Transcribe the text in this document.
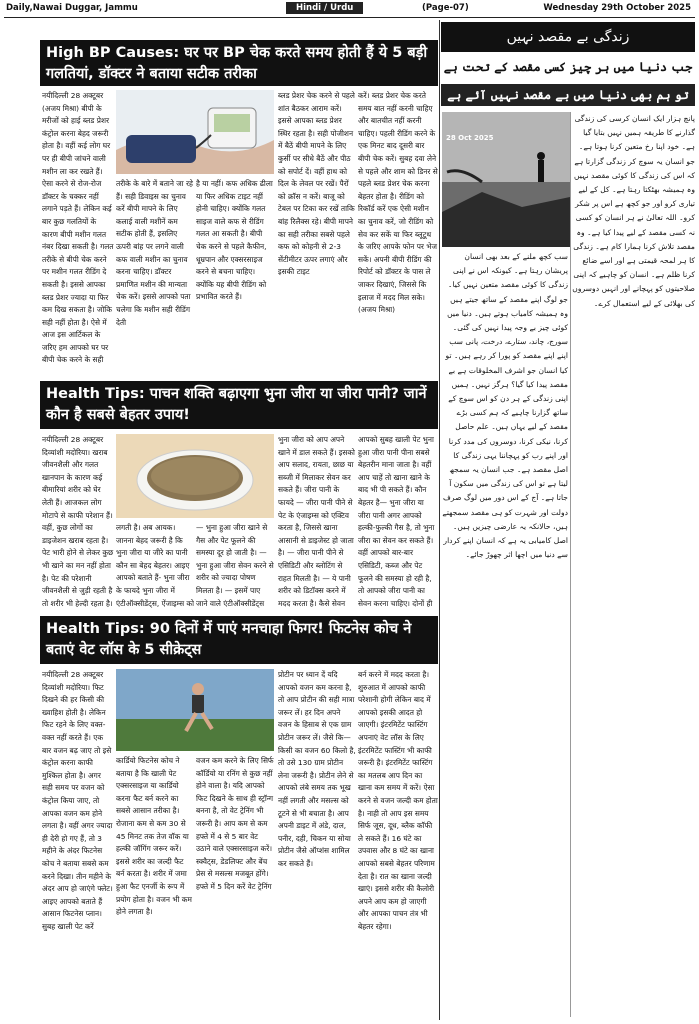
Daily,Nawai Duggar, Jammu	Hindi / Urdu	(Page-07)	Wednesday 29th October 2025
High BP Causes: घर पर BP चेक करते समय होती हैं ये 5 बड़ी गलतियां, डॉक्टर ने बताया सटीक तरीका

नयीदिल्ली 28 अक्टूबर (अजय मिश्रा) बीपी के मरीजों को हाई ब्लड प्रेशर कंट्रोल करना बेहद जरूरी होता है। वहीं कई लोग घर पर ही बीपी जांचने वाली मशीन ला कर रखते हैं। ऐसा करने से रोज-रोज डॉक्टर के चक्कर नहीं लगाने पड़ते हैं। लेकिन कई बार कुछ गलतियों के कारण बीपी मशीन गलत नंबर दिखा सकती है। गलत तरीके से बीपी चेक करने पर मशीन गलत रीडिंग दे सकती है। इससे आपका ब्लड प्रेशर ज्यादा या फिर कम दिख सकता है। जोकि सही नहीं होता है। ऐसे में आज इस आर्टिकल के जरिए हम आपको घर पर बीपी चेक करने के सही

तरीके के बारे में बताने जा रहे हैं। सही डिवाइस का चुनाव करें बीपी मापने के लिए कलाई वाली मशीनें कम सटीक होती हैं, इसलिए ऊपरी बांह पर लगने वाली कफ वाली मशीन का चुनाव करना चाहिए। डॉक्टर प्रमाणित मशीन की मान्यता चेक करें। इससे आपको पता चलेगा कि मशीन सही रीडिंग देती

है या नहीं। कफ अधिक ढीला या फिर अधिक टाइट नहीं होनी चाहिए। क्योंकि गलत साइज वाले कफ से रीडिंग गलत आ सकती है। बीपी चेक करने से पहले कैफीन, धूम्रपान और एक्सरसाइज करने से बचना चाहिए। क्योंकि यह बीपी रीडिंग को प्रभावित करते हैं।

ब्लड प्रेशर चेक करने से पहले शांत बैठकर आराम करें। इससे आपका ब्लड प्रेशर स्थिर रहता है। सही पोजीशन में बैठें बीपी मापने के लिए कुर्सी पर सीधे बैठें और पीठ को सपोर्ट दें। वहीं हाथ को दिल के लेवल पर रखें। पैरों को क्रॉस न करें। बाजू को टेबल पर टिका कर रखें ताकि बांह रिलैक्स रहे। बीपी मापने का सही तरीका सबसे पहले कफ को कोहनी से 2-3 सेंटीमीटर ऊपर लगाएं और इसकी टाइट

करें। ब्लड प्रेशर चेक करते समय बात नहीं करनी चाहिए और बातचीत नहीं करनी चाहिए। पहली रीडिंग करने के एक मिनट बाद दूसरी बार बीपी चेक करें। सुबह दवा लेने से पहले और शाम को डिनर से पहले ब्लड प्रेशर चेक करना बेहतर होता है। रीडिंग को रिकॉर्ड करें एक ऐसी मशीन का चुनाव करें, जो रीडिंग को सेव कर सकें या फिर ब्लूटूथ के जरिए आपके फोन पर भेज सकें। अपनी बीपी रीडिंग की रिपोर्ट को डॉक्टर के पास ले जाकर दिखाएं, जिससे कि इलाज में मदद मिल सके। (अजय मिश्रा)

Health Tips: पाचन शक्ति बढ़ाएगा भुना जीरा या जीरा पानी? जानें कौन है सबसे बेहतर उपाय!

नयीदिल्ली 28 अक्टूबर दिव्यांशी मदोरिया। खराब जीवनशैली और गलत खानपान के कारण कई बीमारियां शरीर को घेर लेती हैं। आजकल लोग मोटापे से काफी परेशान हैं। वहीं, कुछ लोगों का डाइजेशन खराब रहता है। पेट भारी होने से लेकर कुछ भी खाने का मन नहीं होता है। पेट की परेशानी जीवनशैली से जुड़ी रहती है तो शरीर भी हेल्दी रहता है।

लगती है। अब आयक। जानना बेहद जरूरी है कि भुना जीरा या जीरे का पानी कौन सा बेहद बेहतर। आइए आपको बताते हैं- भुना जीरा के फायदे भुना जीरा में एंटीऑक्सीडेंट्स, ऐंजाइम्स को

— भुना हुआ जीरा खाने से गैस और पेट फूलने की समस्या दूर हो जाती है। — भुना हुआ जीरा सेवन करने से शरीर को ज्यादा पोषण मिलता है। — इसमें पाए जाने वाले एंटीऑक्सीडेंट्स

भुना जीरा को आप अपने खाने में डाल सकते हैं। इसको आप सलाद, रायता, छाछ या सब्जी में मिलाकर सेवन कर सकते हैं। जीरा पानी के फायदे — जीरा पानी पीने से पेट के एंजाइम्स को एक्टिव करता है, जिससे खाना आसानी से डाइजेस्ट हो जाता है। — जीरा पानी पीने से एसिडिटी और ब्लोटिंग से राहत मिलती है। — ये पानी शरीर को डिटॉक्स करने में मदद करता है। कैसे सेवन

आपको सुबह खाली पेट भुना हुआ जीरा पानी पीना सबसे बेहतरीन माना जाता है। वहीं आप चाहें तो खाना खाने के बाद भी पी सकते हैं। कौन बेहतर है— भुना जीरा या जीरा पानी अगर आपको हल्की-फुल्की गैस है, तो भुना जीरा का सेवन कर सकते हैं। वहीं आपको बार-बार एसिडिटी, कब्ज और पेट फूलने की समस्या हो रही है, तो आपको जीरा पानी का सेवन करना चाहिए। दोनों ही

Health Tips: 90 दिनों में पाएं मनचाहा फिगर! फिटनेस कोच ने बताएं वेट लॉस के 5 सीक्रेट्स

नयीदिल्ली 28 अक्टूबर दिव्यांशी मदोरिया। फिट दिखने की हर किसी की ख्वाहिश होती है। लेकिन फिट रहने के लिए वक्त-वक्त नहीं करते हैं। एक बार वजन बढ़ जाए तो इसे कंट्रोल करना काफी मुश्किल होता है। अगर सही समय पर वजन को कंट्रोल किया जाए, तो आपका वजन कम होने लगता है। वहीं अगर ज्यादा ही देरी हो गए हैं, तो 3 महीने के अंदर फिटनेस कोच ने बताया सबसे कम करने दिखा। तीन महीने के अंदर आप हो जाएंगे फ्लेट। आइए आपको बताते हैं आसान फिटनेस प्लान। सुबह खाली पेट करें

कार्डियो फिटनेस कोच ने बताया है कि खाली पेट एक्सरसाइज या कार्डियो करना फैट बर्न करने का सबसे आसान तरीका है। रोजाना कम से कम 30 से 45 मिनट तक तेज वॉक या हल्की जॉगिंग जरूर करें। इससे शरीर का जल्दी फैट बर्न करता है। शरीर में जमा हुआ फैट एनर्जी के रूप में प्रयोग होता है। वजन भी कम होने लगता है।

वजन कम करने के लिए सिर्फ कॉर्डियो या रनिंग से कुछ नहीं होने वाला है। यदि आपको फिट दिखने के साथ ही स्ट्रॉन्ग बनना है, तो वेट ट्रेनिंग भी जरूरी है। आप कम से कम हफ्ते में 4 से 5 बार वेट उठाने वाले एक्सरसाइज करें। स्क्वैट्स, डेडलिफ्ट और बेंच प्रेस से मसल्स मजबूत होंगे। हफ्ते में 5 दिन करें वेट ट्रेनिंग

प्रोटीन पर ध्यान दें यदि आपको वजन कम करना है, तो आप प्रोटीन की सही मात्रा जरूर लें। हर दिन अपने वजन के हिसाब से एक ग्राम प्रोटीन जरूर लें। जैसे कि—किसी का वजन 60 किलो है, तो उसे 130 ग्राम प्रोटीन लेना जरूरी है। प्रोटीन लेने से आपको लंबे समय तक भूख नहीं लगती और मसल्स को टूटने से भी बचाता है। आप अपनी डाइट में अंडे, दाल, पनीर, दही, चिकन या सोया प्रोटीन जैसे ऑप्शंस शामिल कर सकते हैं।

बर्न करने में मदद करता है। शुरुआत में आपको काफी परेशानी होगी लेकिन बाद में आपको इसकी आदत हो जाएगी। इंटरमिटेंट फास्टिंग अपनाएं वेट लॉस के लिए इंटरमिटेंट फास्टिंग भी काफी जरूरी है। इंटरमिटेंट फास्टिंग का मतलब आप दिन का खाना कम समय में करें। ऐसा करने से वजन जल्दी कम होता है। नाही तो आप इस समय सिर्फ जूस, दूध, ब्लैक कॉफी ले सकते हैं। 16 घंटे का उपवास और 8 घंटे का खाना आपको सबसे बेहतर परिणाम देता है। रात का खाना जल्दी खाएं। इससे शरीर की कैलोरी अपने आप कम हो जाएगी और आपका पाचन तंत्र भी बेहतर रहेगा।

زندگی بے مقصد نہیں
جب دنیا میں ہر چیز کسی مقصد کے تحت ہے
تو ہم بھی دنیا میں بے مقصد نہیں آئے ہے
28 Oct 2025

پانچ ہزار ایک انسان کرسی کی زندگی گذارنے کا طریقہ ہمیں نہیں بتایا گیا ہے۔ خود اپنا رخ متعین کرنا ہوتا ہے۔ جو انسان یہ سوچ کر زندگی گزارتا ہے کہ اس کی زندگی کا کوئی مقصد نہیں وہ ہمیشہ بھٹکتا رہتا ہے۔ کل کے لیے تیاری کرو اور جو کچھ ہے اس پر شکر کرو۔ اللہ تعالیٰ نے ہر انسان کو کسی نہ کسی مقصد کے لیے پیدا کیا ہے۔ وہ مقصد تلاش کرنا ہمارا کام ہے۔ زندگی کا ہر لمحہ قیمتی ہے اور اسے ضائع کرنا ظلم ہے۔ انسان کو چاہیے کہ اپنی صلاحیتوں کو پہچانے اور انہیں دوسروں کی بھلائی کے لیے استعمال کرے۔

سب کچھ ملنے کے بعد بھی انسان پریشان رہتا ہے۔ کیونکہ اس نے اپنی زندگی کا کوئی مقصد متعین نہیں کیا۔ جو لوگ اپنے مقصد کے ساتھ جیتے ہیں وہ ہمیشہ کامیاب ہوتے ہیں۔ دنیا میں کوئی چیز بے وجہ پیدا نہیں کی گئی۔ سورج، چاند، ستارے، درخت، پانی سب اپنے اپنے مقصد کو پورا کر رہے ہیں۔ تو کیا انسان جو اشرف المخلوقات ہے بے مقصد پیدا کیا گیا؟ ہرگز نہیں۔ ہمیں اپنی زندگی کے ہر دن کو اس سوچ کے ساتھ گزارنا چاہیے کہ ہم کسی بڑے مقصد کے لیے یہاں ہیں۔ علم حاصل کرنا، نیکی کرنا، دوسروں کی مدد کرنا اور اپنے رب کو پہچاننا یہی زندگی کا اصل مقصد ہے۔ جب انسان یہ سمجھ لیتا ہے تو اس کی زندگی میں سکون آ جاتا ہے۔ آج کے اس دور میں لوگ صرف دولت اور شہرت کو ہی مقصد سمجھتے ہیں، حالانکہ یہ عارضی چیزیں ہیں۔ اصل کامیابی یہ ہے کہ انسان اپنے کردار سے دنیا میں اچھا اثر چھوڑ جائے۔
